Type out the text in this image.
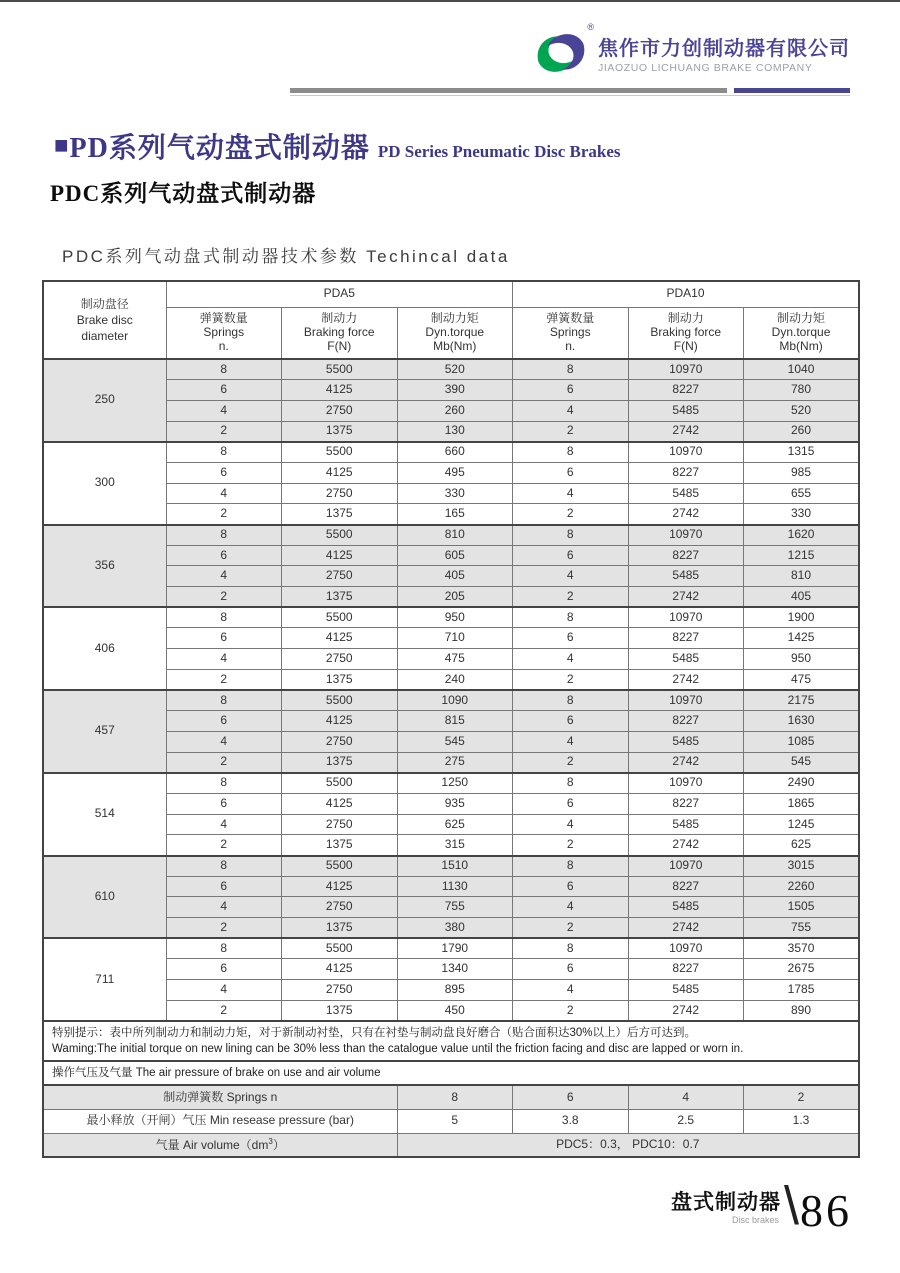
®
焦作市力创制动器有限公司
JIAOZUO LICHUANG BRAKE COMPANY
■ PD系列气动盘式制动器 PD Series Pneumatic Disc Brakes
PDC系列气动盘式制动器
PDC系列气动盘式制动器技术参数 Techincal data
制动盘径
Brake disc
diameter	PDA5			PDA10		

弹簧数量
Springs
n.

制动力
Braking force
F(N)

制动力矩
Dyn.torque
Mb(Nm)

弹簧数量
Springs
n.

制动力
Braking force
F(N)

制动力矩
Dyn.torque
Mb(Nm)

250	8	5500	520	8	10970	1040
	6	4125	390	6	8227	780
	4	2750	260	4	5485	520
	2	1375	130	2	2742	260
300	8	5500	660	8	10970	1315
	6	4125	495	6	8227	985
	4	2750	330	4	5485	655
	2	1375	165	2	2742	330
356	8	5500	810	8	10970	1620
	6	4125	605	6	8227	1215
	4	2750	405	4	5485	810
	2	1375	205	2	2742	405
406	8	5500	950	8	10970	1900
	6	4125	710	6	8227	1425
	4	2750	475	4	5485	950
	2	1375	240	2	2742	475
457	8	5500	1090	8	10970	2175
	6	4125	815	6	8227	1630
	4	2750	545	4	5485	1085
	2	1375	275	2	2742	545
514	8	5500	1250	8	10970	2490
	6	4125	935	6	8227	1865
	4	2750	625	4	5485	1245
	2	1375	315	2	2742	625
610	8	5500	1510	8	10970	3015
	6	4125	1130	6	8227	2260
	4	2750	755	4	5485	1505
	2	1375	380	2	2742	755
711	8	5500	1790	8	10970	3570
	6	4125	1340	6	8227	2675
	4	2750	895	4	5485	1785
	2	1375	450	2	2742	890

特别提示：表中所列制动力和制动力矩，对于新制动衬垫，只有在衬垫与制动盘良好磨合（贴合面积达30%以上）后方可达到。
Waming:The initial torque on new lining can be 30% less than the catalogue value until the friction facing and disc are lapped or worn in.						

操作气压及气量 The air pressure of brake on use and air volume						
制动弹簧数 Springs n			8	6	4	2
最小释放（开闸）气压 Min resease pressure (bar)			5	3.8	2.5	1.3
气量 Air $volume(dm^3)$			PDC5：0.3， PDC10：0.7			
盘式制动器
Disc brakes \ 86
